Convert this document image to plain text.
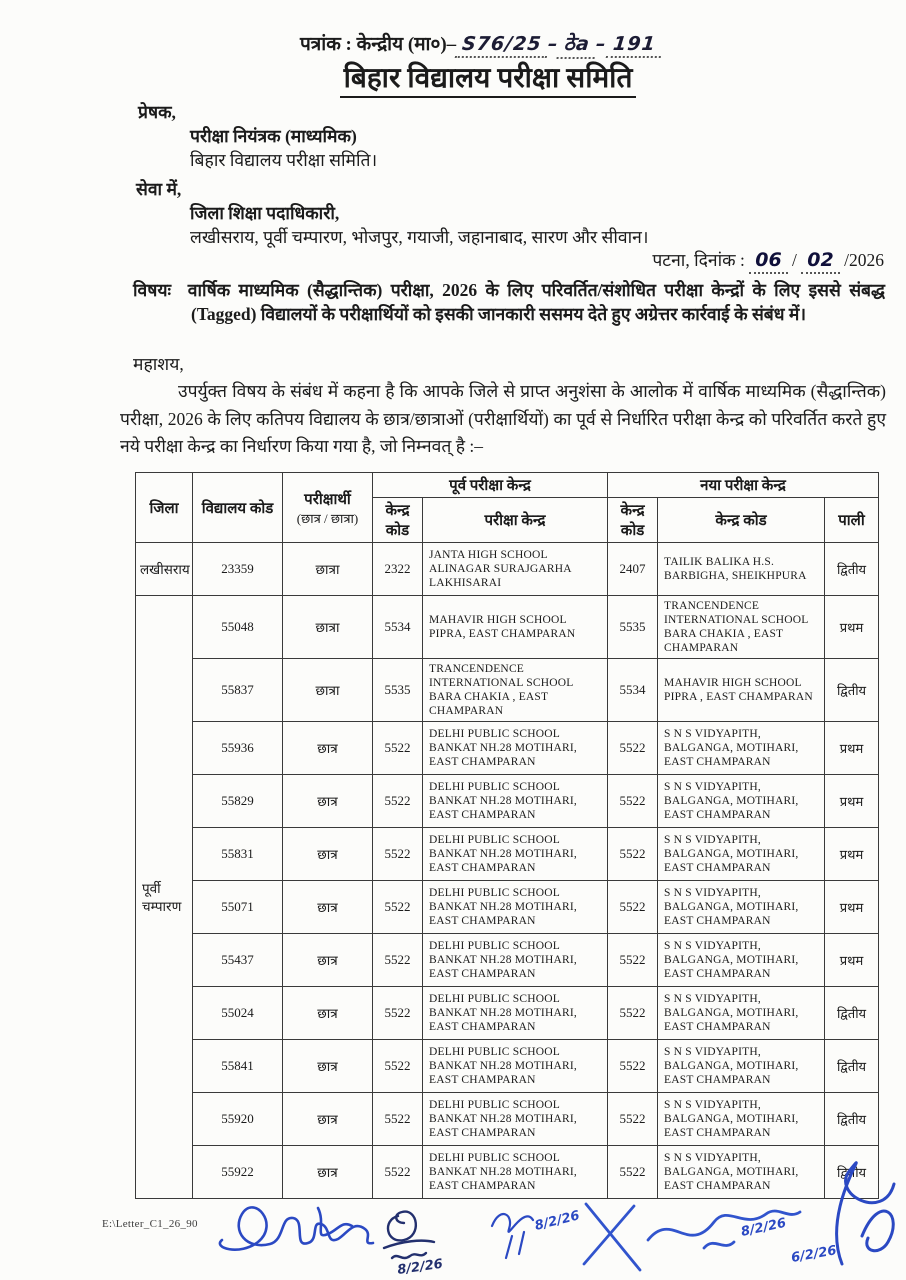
पत्रांक : केन्द्रीय (मा०)– S76/25 – ठेa – 191
बिहार विद्यालय परीक्षा समिति
प्रेषक,
परीक्षा नियंत्रक (माध्यमिक)
बिहार विद्यालय परीक्षा समिति।
सेवा में,
जिला शिक्षा पदाधिकारी,
लखीसराय, पूर्वी चम्पारण, भोजपुर, गयाजी, जहानाबाद, सारण और सीवान।
पटना, दिनांक : 06 / 02 /2026
विषयः वार्षिक माध्यमिक (सैद्धान्तिक) परीक्षा, 2026 के लिए परिवर्तित/संशोधित परीक्षा केन्द्रों के लिए इससे संबद्ध (Tagged) विद्यालयों के परीक्षार्थियों को इसकी जानकारी ससमय देते हुए अग्रेत्तर कार्रवाई के संबंध में।
महाशय,
उपर्युक्त विषय के संबंध में कहना है कि आपके जिले से प्राप्त अनुशंसा के आलोक में वार्षिक माध्यमिक (सैद्धान्तिक) परीक्षा, 2026 के लिए कतिपय विद्यालय के छात्र/छात्राओं (परीक्षार्थियों) का पूर्व से निर्धारित परीक्षा केन्द्र को परिवर्तित करते हुए नये परीक्षा केन्द्र का निर्धारण किया गया है, जो निम्नवत् है :–
जिला	विद्यालय कोड	परीक्षार्थी
(छात्र / छात्रा)	पूर्व परीक्षा केन्द्र		नया परीक्षा केन्द्र		
			केन्द्र कोड	परीक्षा केन्द्र	केन्द्र कोड	केन्द्र कोड	पाली
लखीसराय	23359	छात्रा	2322	JANTA HIGH SCHOOL ALINAGAR SURAJGARHA LAKHISARAI	2407	TAILIK BALIKA H.S. BARBIGHA, SHEIKHPURA	द्वितीय
पूर्वी चम्पारण	55048	छात्रा	5534	MAHAVIR HIGH SCHOOL PIPRA, EAST CHAMPARAN	5535	TRANCENDENCE INTERNATIONAL SCHOOL BARA CHAKIA , EAST CHAMPARAN	प्रथम
	55837	छात्रा	5535	TRANCENDENCE INTERNATIONAL SCHOOL BARA CHAKIA , EAST CHAMPARAN	5534	MAHAVIR HIGH SCHOOL PIPRA , EAST CHAMPARAN	द्वितीय
	55936	छात्र	5522	DELHI PUBLIC SCHOOL BANKAT NH.28 MOTIHARI, EAST CHAMPARAN	5522	S N S VIDYAPITH, BALGANGA, MOTIHARI, EAST CHAMPARAN	प्रथम
	55829	छात्र	5522	DELHI PUBLIC SCHOOL BANKAT NH.28 MOTIHARI, EAST CHAMPARAN	5522	S N S VIDYAPITH, BALGANGA, MOTIHARI, EAST CHAMPARAN	प्रथम
	55831	छात्र	5522	DELHI PUBLIC SCHOOL BANKAT NH.28 MOTIHARI, EAST CHAMPARAN	5522	S N S VIDYAPITH, BALGANGA, MOTIHARI, EAST CHAMPARAN	प्रथम
	55071	छात्र	5522	DELHI PUBLIC SCHOOL BANKAT NH.28 MOTIHARI, EAST CHAMPARAN	5522	S N S VIDYAPITH, BALGANGA, MOTIHARI, EAST CHAMPARAN	प्रथम
	55437	छात्र	5522	DELHI PUBLIC SCHOOL BANKAT NH.28 MOTIHARI, EAST CHAMPARAN	5522	S N S VIDYAPITH, BALGANGA, MOTIHARI, EAST CHAMPARAN	प्रथम
	55024	छात्र	5522	DELHI PUBLIC SCHOOL BANKAT NH.28 MOTIHARI, EAST CHAMPARAN	5522	S N S VIDYAPITH, BALGANGA, MOTIHARI, EAST CHAMPARAN	द्वितीय
	55841	छात्र	5522	DELHI PUBLIC SCHOOL BANKAT NH.28 MOTIHARI, EAST CHAMPARAN	5522	S N S VIDYAPITH, BALGANGA, MOTIHARI, EAST CHAMPARAN	द्वितीय
	55920	छात्र	5522	DELHI PUBLIC SCHOOL BANKAT NH.28 MOTIHARI, EAST CHAMPARAN	5522	S N S VIDYAPITH, BALGANGA, MOTIHARI, EAST CHAMPARAN	द्वितीय
	55922	छात्र	5522	DELHI PUBLIC SCHOOL BANKAT NH.28 MOTIHARI, EAST CHAMPARAN	5522	S N S VIDYAPITH, BALGANGA, MOTIHARI, EAST CHAMPARAN	द्वितीय
E:\Letter_C1_26_90
8/2/26
8/2/26	8/2/26
6/2/26
